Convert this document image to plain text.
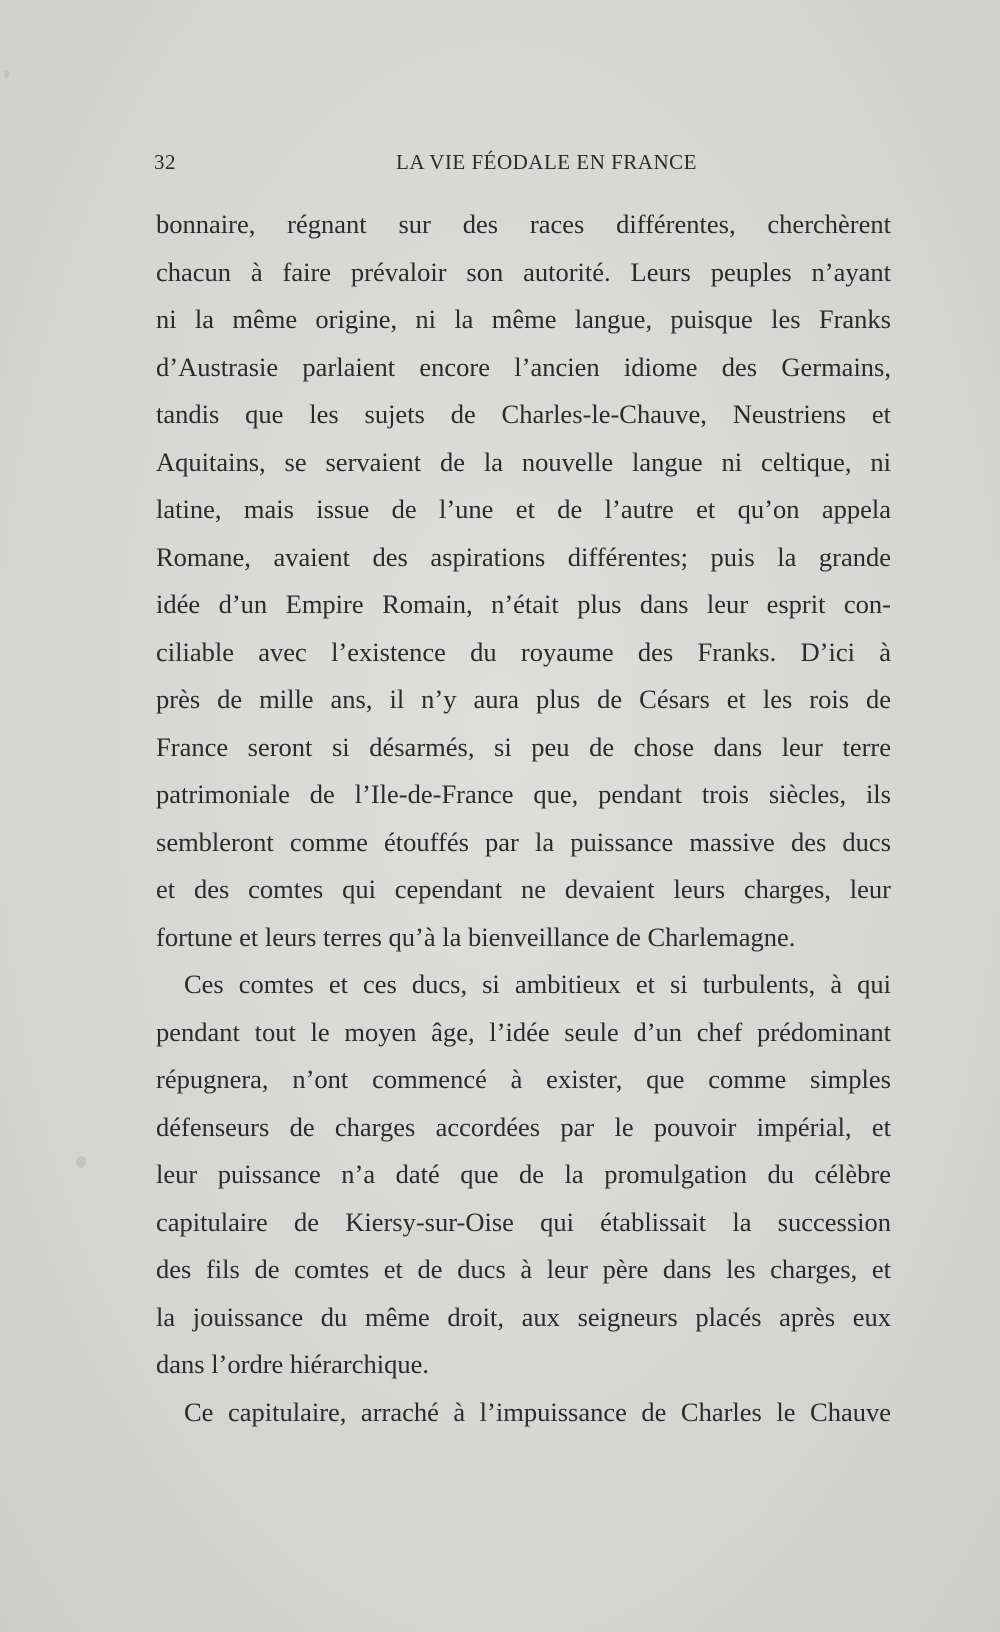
32	LA VIE FÉODALE EN FRANCE
bonnaire, régnant sur des races différentes, cherchèrent
chacun à faire prévaloir son autorité. Leurs peuples n’ayant
ni la même origine, ni la même langue, puisque les Franks
d’Austrasie parlaient encore l’ancien idiome des Germains,
tandis que les sujets de Charles-le-Chauve, Neustriens et
Aquitains, se servaient de la nouvelle langue ni celtique, ni
latine, mais issue de l’une et de l’autre et qu’on appela
Romane, avaient des aspirations différentes; puis la grande
idée d’un Empire Romain, n’était plus dans leur esprit con-
ciliable avec l’existence du royaume des Franks. D’ici à
près de mille ans, il n’y aura plus de Césars et les rois de
France seront si désarmés, si peu de chose dans leur terre
patrimoniale de l’Ile-de-France que, pendant trois siècles, ils
sembleront comme étouffés par la puissance massive des ducs
et des comtes qui cependant ne devaient leurs charges, leur
fortune et leurs terres qu’à la bienveillance de Charlemagne.
Ces comtes et ces ducs, si ambitieux et si turbulents, à qui
pendant tout le moyen âge, l’idée seule d’un chef prédominant
répugnera, n’ont commencé à exister, que comme simples
défenseurs de charges accordées par le pouvoir impérial, et
leur puissance n’a daté que de la promulgation du célèbre
capitulaire de Kiersy-sur-Oise qui établissait la succession
des fils de comtes et de ducs à leur père dans les charges, et
la jouissance du même droit, aux seigneurs placés après eux
dans l’ordre hiérarchique.
Ce capitulaire, arraché à l’impuissance de Charles le Chauve
